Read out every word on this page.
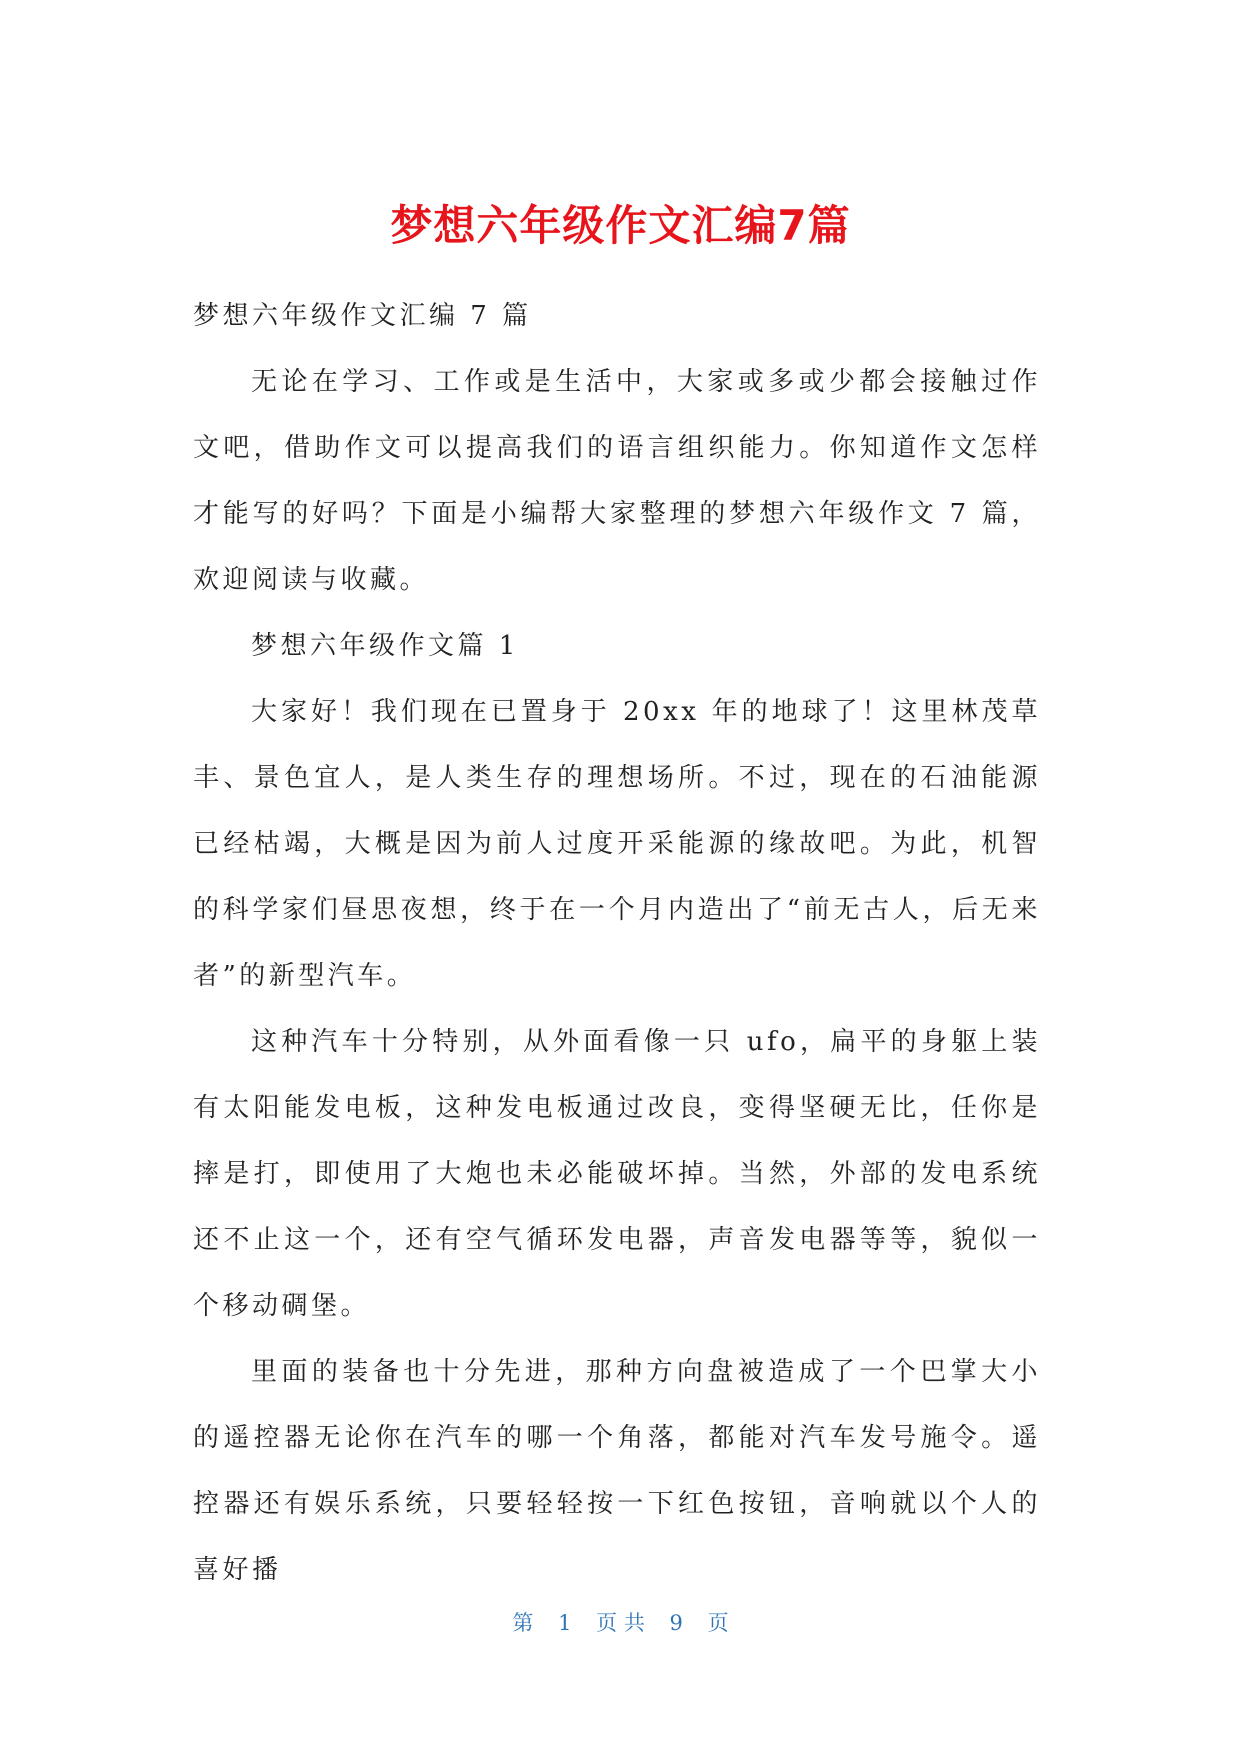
梦想六年级作文汇编7篇

梦想六年级作文汇编 7 篇

无论在学习、工作或是生活中，大家或多或少都会接触过作文吧，借助作文可以提高我们的语言组织能力。你知道作文怎样才能写的好吗？下面是小编帮大家整理的梦想六年级作文 7 篇，欢迎阅读与收藏。

梦想六年级作文篇 1

大家好！我们现在已置身于 20xx 年的地球了！这里林茂草丰、景色宜人，是人类生存的理想场所。不过，现在的石油能源已经枯竭，大概是因为前人过度开采能源的缘故吧。为此，机智的科学家们昼思夜想，终于在一个月内造出了“前无古人，后无来者”的新型汽车。

这种汽车十分特别，从外面看像一只 ufo，扁平的身躯上装有太阳能发电板，这种发电板通过改良，变得坚硬无比，任你是摔是打，即使用了大炮也未必能破坏掉。当然，外部的发电系统还不止这一个，还有空气循环发电器，声音发电器等等，貌似一个移动碉堡。

里面的装备也十分先进，那种方向盘被造成了一个巴掌大小的遥控器无论你在汽车的哪一个角落，都能对汽车发号施令。遥控器还有娱乐系统，只要轻轻按一下红色按钮，音响就以个人的喜好播

第 1 页 共 9 页
